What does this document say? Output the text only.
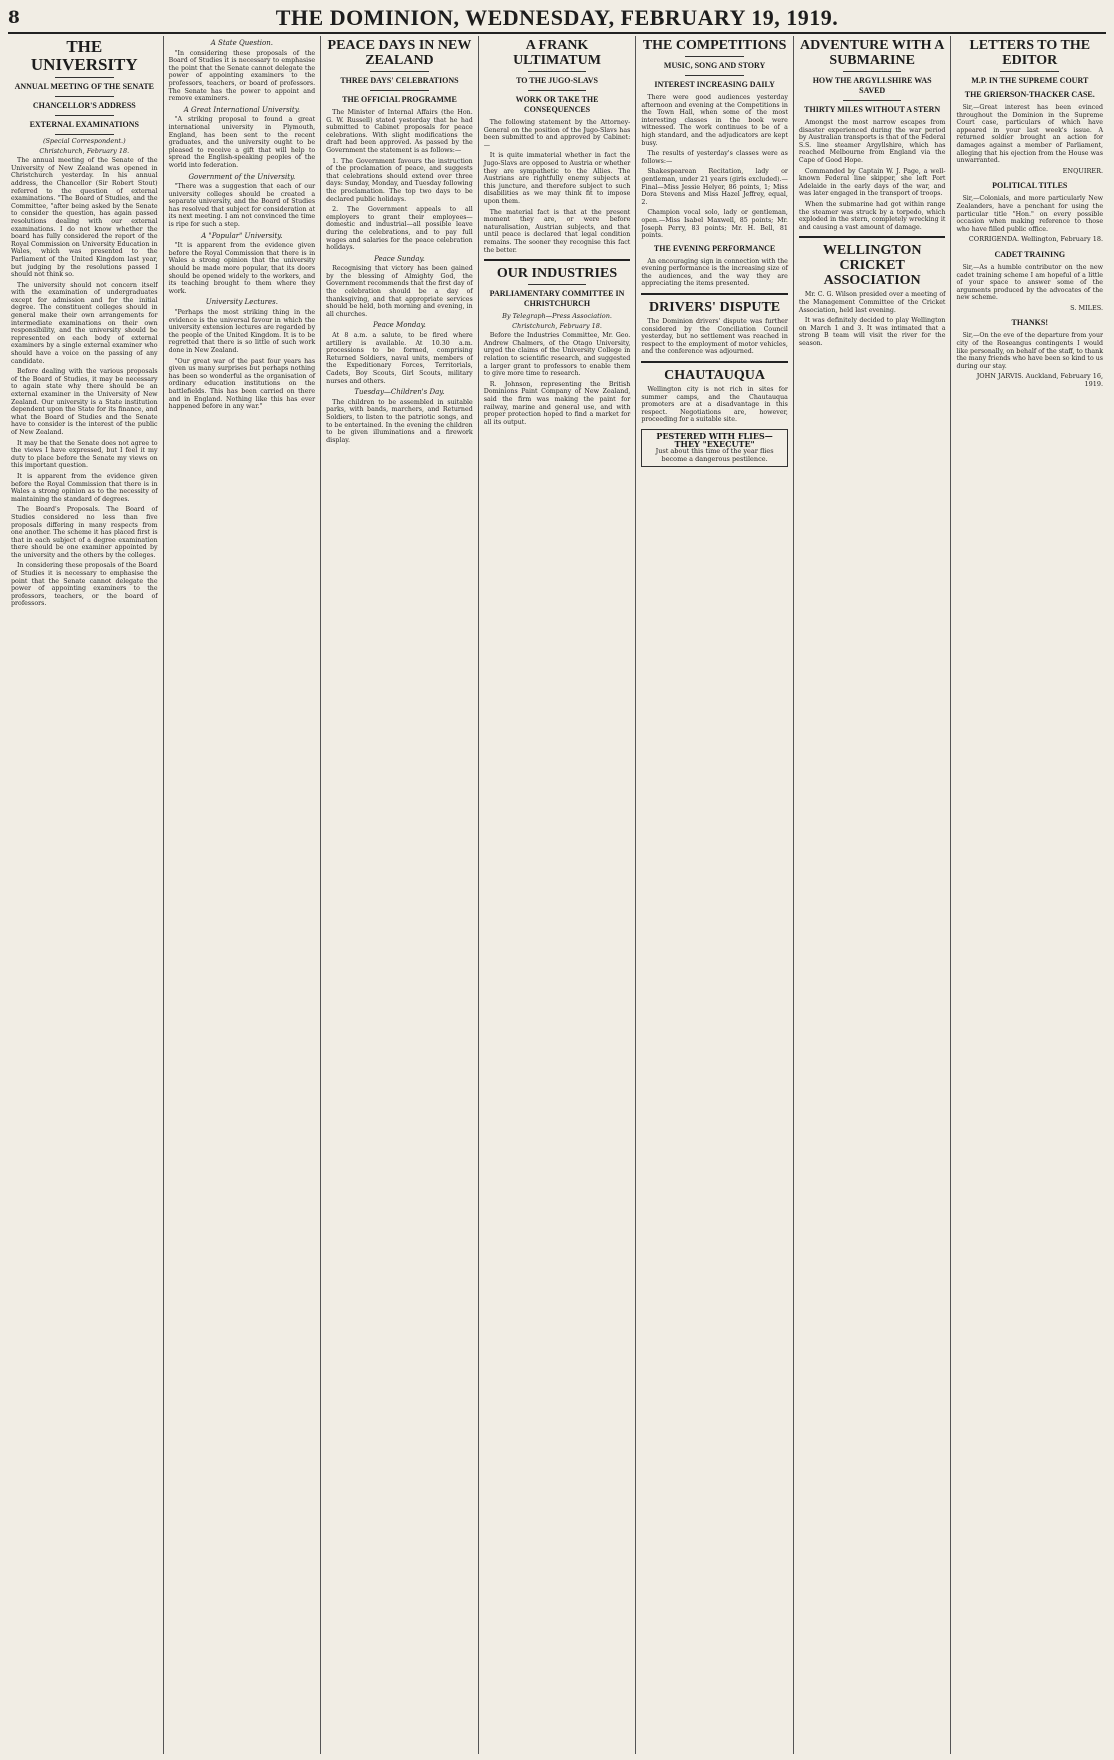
8	THE DOMINION, WEDNESDAY, FEBRUARY 19, 1919.
THE UNIVERSITY
ANNUAL MEETING OF THE SENATE
CHANCELLOR'S ADDRESS
EXTERNAL EXAMINATIONS
(Special Correspondent.)
Christchurch, February 18.

The annual meeting of the Senate of the University of New Zealand was opened in Christchurch yesterday. In his annual address, the Chancellor (Sir Robert Stout) referred to the question of external examinations. "The Board of Studies, and the Committee, "after being asked by the Senate to consider the question, has again passed resolutions dealing with our external examinations. I do not know whether the board has fully considered the report of the Royal Commission on University Education in Wales, which was presented to the Parliament of the United Kingdom last year, but judging by the resolutions passed I should not think so.

The university should not concern itself with the examination of undergraduates except for admission and for the initial degree. The constituent colleges should in general make their own arrangements for intermediate examinations on their own responsibility, and the university should be represented on each body of external examiners by a single external examiner who should have a voice on the passing of any candidate.

Before dealing with the various proposals of the Board of Studies, it may be necessary to again state why there should be an external examiner in the University of New Zealand. Our university is a State institution dependent upon the State for its finance, and what the Board of Studies and the Senate have to consider is the interest of the public of New Zealand.

It may be that the Senate does not agree to the views I have expressed, but I feel it my duty to place before the Senate my views on this important question.

It is apparent from the evidence given before the Royal Commission that there is in Wales a strong opinion as to the necessity of maintaining the standard of degrees.

The Board's Proposals. The Board of Studies considered no less than five proposals differing in many respects from one another. The scheme it has placed first is that in each subject of a degree examination there should be one examiner appointed by the university and the others by the colleges.

In considering these proposals of the Board of Studies it is necessary to emphasise the point that the Senate cannot delegate the power of appointing examiners to the professors, teachers, or the board of professors.

A State Question.

"In considering these proposals of the Board of Studies it is necessary to emphasise the point that the Senate cannot delegate the power of appointing examiners to the professors, teachers, or board of professors. The Senate has the power to appoint and remove examiners.

A Great International University.

"A striking proposal to found a great international university in Plymouth, England, has been sent to the recent graduates, and the university ought to be pleased to receive a gift that will help to spread the English-speaking peoples of the world into federation.

Government of the University.

"There was a suggestion that each of our university colleges should be created a separate university, and the Board of Studies has resolved that subject for consideration at its next meeting. I am not convinced the time is ripe for such a step.

A "Popular" University.

"It is apparent from the evidence given before the Royal Commission that there is in Wales a strong opinion that the university should be made more popular, that its doors should be opened widely to the workers, and its teaching brought to them where they work.

University Lectures.

"Perhaps the most striking thing in the evidence is the universal favour in which the university extension lectures are regarded by the people of the United Kingdom. It is to be regretted that there is so little of such work done in New Zealand.

"Our great war of the past four years has given us many surprises but perhaps nothing has been so wonderful as the organisation of ordinary education institutions on the battlefields. This has been carried on there and in England. Nothing like this has ever happened before in any war."

PEACE DAYS IN NEW ZEALAND
THREE DAYS' CELEBRATIONS
THE OFFICIAL PROGRAMME

The Minister of Internal Affairs (the Hon. G. W. Russell) stated yesterday that he had submitted to Cabinet proposals for peace celebrations. With slight modifications the draft had been approved. As passed by the Government the statement is as follows:—

1. The Government favours the instruction of the proclamation of peace, and suggests that celebrations should extend over three days: Sunday, Monday, and Tuesday following the proclamation. The top two days to be declared public holidays.

2. The Government appeals to all employers to grant their employees—domestic and industrial—all possible leave during the celebrations, and to pay full wages and salaries for the peace celebration holidays.

Peace Sunday.

Recognising that victory has been gained by the blessing of Almighty God, the Government recommends that the first day of the celebration should be a day of thanksgiving, and that appropriate services should be held, both morning and evening, in all churches.

Peace Monday.

At 8 a.m. a salute, to be fired where artillery is available. At 10.30 a.m. processions to be formed, comprising Returned Soldiers, naval units, members of the Expeditionary Forces, Territorials, Cadets, Boy Scouts, Girl Scouts, military nurses and others.

Tuesday—Children's Day.

The children to be assembled in suitable parks, with bands, marchers, and Returned Soldiers, to listen to the patriotic songs, and to be entertained. In the evening the children to be given illuminations and a firework display.

A FRANK ULTIMATUM
TO THE JUGO-SLAVS
WORK OR TAKE THE CONSEQUENCES

The following statement by the Attorney-General on the position of the Jugo-Slavs has been submitted to and approved by Cabinet:—

It is quite immaterial whether in fact the Jugo-Slavs are opposed to Austria or whether they are sympathetic to the Allies. The Austrians are rightfully enemy subjects at this juncture, and therefore subject to such disabilities as we may think fit to impose upon them.

The material fact is that at the present moment they are, or were before naturalisation, Austrian subjects, and that until peace is declared that legal condition remains. The sooner they recognise this fact the better.

OUR INDUSTRIES
PARLIAMENTARY COMMITTEE IN CHRISTCHURCH
By Telegraph—Press Association.
Christchurch, February 18.

Before the Industries Committee, Mr. Geo. Andrew Chalmers, of the Otago University, urged the claims of the University College in relation to scientific research, and suggested a larger grant to professors to enable them to give more time to research.

R. Johnson, representing the British Dominions Paint Company of New Zealand, said the firm was making the paint for railway, marine and general use, and with proper protection hoped to find a market for all its output.

THE COMPETITIONS
MUSIC, SONG AND STORY
INTEREST INCREASING DAILY

There were good audiences yesterday afternoon and evening at the Competitions in the Town Hall, when some of the most interesting classes in the book were witnessed. The work continues to be of a high standard, and the adjudicators are kept busy.

The results of yesterday's classes were as follows:—

Shakespearean Recitation, lady or gentleman, under 21 years (girls excluded).—Final—Miss Jessie Helyer, 86 points, 1; Miss Dora Stevens and Miss Hazel Jeffrey, equal, 2.

Champion vocal solo, lady or gentleman, open.—Miss Isabel Maxwell, 85 points; Mr. Joseph Perry, 83 points; Mr. H. Bell, 81 points.

THE EVENING PERFORMANCE

An encouraging sign in connection with the evening performance is the increasing size of the audiences, and the way they are appreciating the items presented.

DRIVERS' DISPUTE

The Dominion drivers' dispute was further considered by the Conciliation Council yesterday, but no settlement was reached in respect to the employment of motor vehicles, and the conference was adjourned.

CHAUTAUQUA

Wellington city is not rich in sites for summer camps, and the Chautauqua promoters are at a disadvantage in this respect. Negotiations are, however, proceeding for a suitable site.

PESTERED WITH FLIES— THEY "EXECUTE"
Just about this time of the year flies become a dangerous pestilence.
ADVENTURE WITH A SUBMARINE
HOW THE ARGYLLSHIRE WAS SAVED
THIRTY MILES WITHOUT A STERN

Amongst the most narrow escapes from disaster experienced during the war period by Australian transports is that of the Federal S.S. line steamer Argyllshire, which has reached Melbourne from England via the Cape of Good Hope.

Commanded by Captain W. J. Page, a well-known Federal line skipper, she left Port Adelaide in the early days of the war, and was later engaged in the transport of troops.

When the submarine had got within range the steamer was struck by a torpedo, which exploded in the stern, completely wrecking it and causing a vast amount of damage.

WELLINGTON CRICKET ASSOCIATION

Mr. C. G. Wilson presided over a meeting of the Management Committee of the Cricket Association, held last evening.

It was definitely decided to play Wellington on March 1 and 3. It was intimated that a strong B team will visit the river for the season.

LETTERS TO THE EDITOR
M.P. IN THE SUPREME COURT
THE GRIERSON-THACKER CASE.

Sir,—Great interest has been evinced throughout the Dominion in the Supreme Court case, particulars of which have appeared in your last week's issue. A returned soldier brought an action for damages against a member of Parliament, alleging that his ejection from the House was unwarranted.

ENQUIRER.
POLITICAL TITLES

Sir,—Colonials, and more particularly New Zealanders, have a penchant for using the particular title "Hon." on every possible occasion when making reference to those who have filled public office.

CORRIGENDA. Wellington, February 18.
CADET TRAINING

Sir,—As a humble contributor on the new cadet training scheme I am hopeful of a little of your space to answer some of the arguments produced by the advocates of the new scheme.

S. MILES.
THANKS!

Sir,—On the eve of the departure from your city of the Roseangus contingents I would like personally, on behalf of the staff, to thank the many friends who have been so kind to us during our stay.

JOHN JARVIS. Auckland, February 16, 1919.
